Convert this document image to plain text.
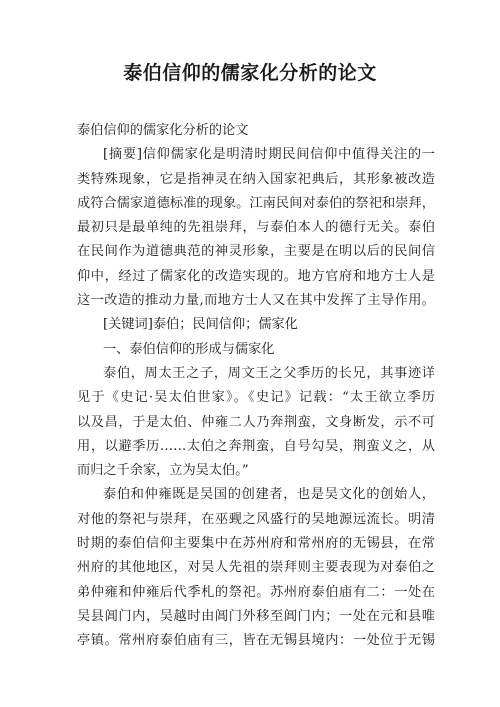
泰伯信仰的儒家化分析的论文
泰伯信仰的儒家化分析的论文
[摘要]信仰儒家化是明清时期民间信仰中值得关注的一
类特殊现象，它是指神灵在纳入国家祀典后，其形象被改造
成符合儒家道德标准的现象。江南民间对泰伯的祭祀和崇拜，
最初只是最单纯的先祖崇拜，与泰伯本人的德行无关。泰伯
在民间作为道德典范的神灵形象，主要是在明以后的民间信
仰中，经过了儒家化的改造实现的。地方官府和地方士人是
这一改造的推动力量,而地方士人又在其中发挥了主导作用。
[关键词]泰伯；民间信仰；儒家化
一、泰伯信仰的形成与儒家化
泰伯，周太王之子，周文王之父季历的长兄，其事迹详
见于《史记·吴太伯世家》。《史记》记载：“太王欲立季历
以及昌，于是太伯、仲雍二人乃奔荆蛮，文身断发，示不可
用，以避季历……太伯之奔荆蛮，自号勾吴，荆蛮义之，从
而归之千余家，立为吴太伯。”
泰伯和仲雍既是吴国的创建者，也是吴文化的创始人，
对他的祭祀与崇拜，在巫觋之风盛行的吴地源远流长。明清
时期的泰伯信仰主要集中在苏州府和常州府的无锡县，在常
州府的其他地区，对吴人先祖的崇拜则主要表现为对泰伯之
弟仲雍和仲雍后代季札的祭祀。苏州府泰伯庙有二：一处在
吴县阊门内，吴越时由阊门外移至阊门内；一处在元和县唯
亭镇。常州府泰伯庙有三，皆在无锡县境内：一处位于无锡
